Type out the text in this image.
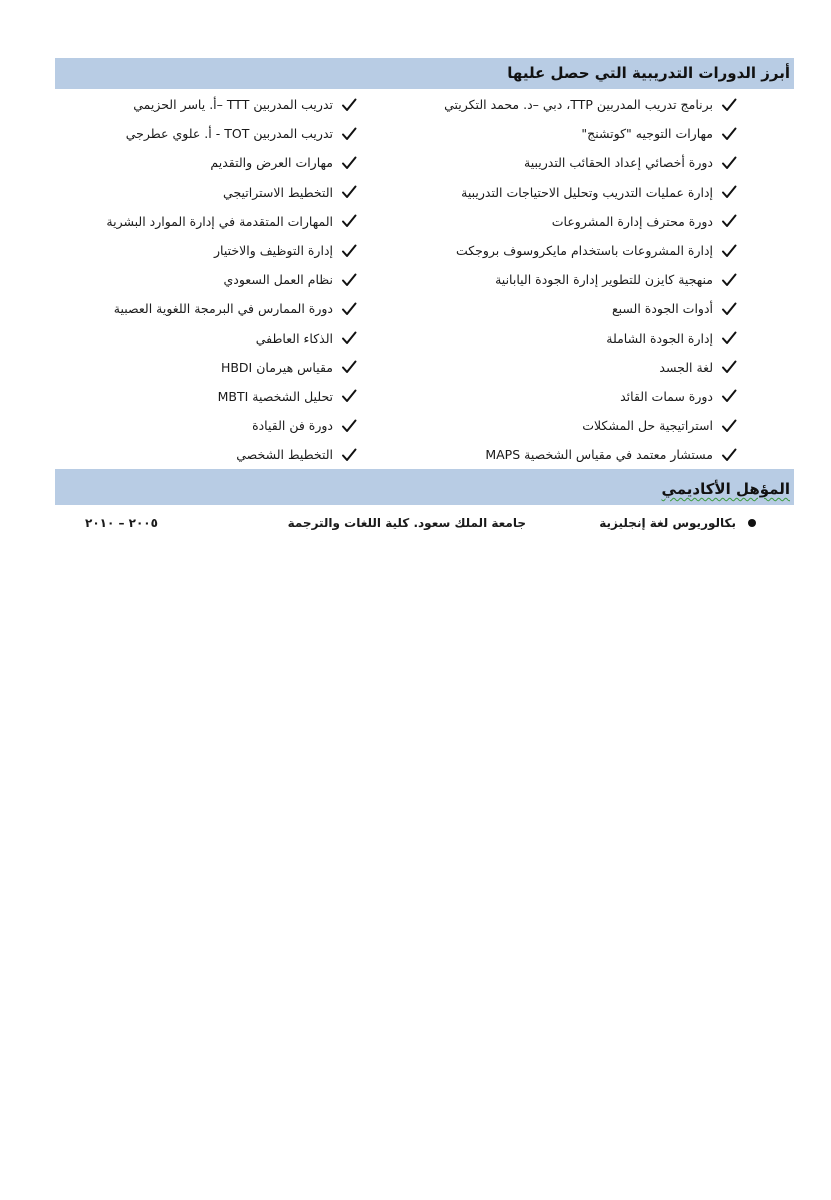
أبرز الدورات التدريبية التي حصل عليها
برنامج تدريب المدربين TTP، دبي –د. محمد التكريتي
مهارات التوجيه "كوتشنج"
دورة أخصائي إعداد الحقائب التدريبية
إدارة عمليات التدريب وتحليل الاحتياجات التدريبية
دورة محترف إدارة المشروعات
إدارة المشروعات باستخدام مايكروسوف بروجكت
منهجية كايزن للتطوير إدارة الجودة اليابانية
أدوات الجودة السبع
إدارة الجودة الشاملة
لغة الجسد
دورة سمات القائد
استراتيجية حل المشكلات
مستشار معتمد في مقياس الشخصية MAPS
تدريب المدربين TTT –أ. ياسر الحزيمي
تدريب المدربين TOT - أ. علوي عطرجي
مهارات العرض والتقديم
التخطيط الاستراتيجي
المهارات المتقدمة في إدارة الموارد البشرية
إدارة التوظيف والاختيار
نظام العمل السعودي
دورة الممارس في البرمجة اللغوية العصبية
الذكاء العاطفي
مقياس هيرمان HBDI
تحليل الشخصية MBTI
دورة فن القيادة
التخطيط الشخصي
المؤهل الأكاديمي
بكالوريوس لغة إنجليزية
جامعة الملك سعود. كلية اللغات والترجمة
٢٠٠٥ – ٢٠١٠
